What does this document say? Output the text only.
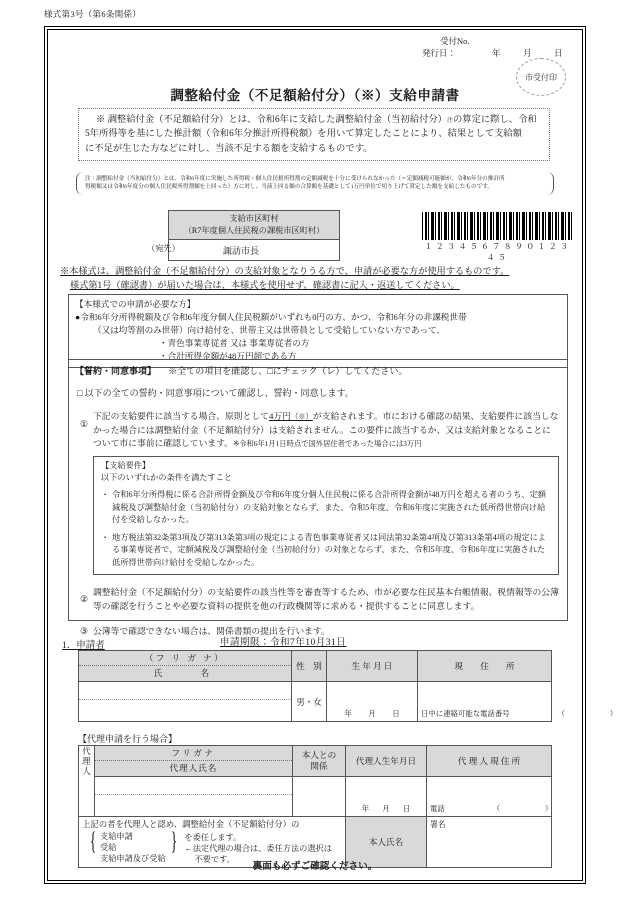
様式第3号（第6条関係）
受付No.
発行日：	年　月　日
市受付印
調整給付金（不足額給付分）（※）支給申請書

※ 調整給付金（不足額給付分）とは、令和6年に支給した調整給付金（当初給付分）注の算定に際し、令和

5年所得等を基にした推計額（令和6年分推計所得税額）を用いて算定したことにより、結果として支給額

に不足が生じた方などに対し、当該不足する額を支給するものです。

注：調整給付金（当初給付分）とは、令和6年度に実施した所得税・個人住民税所得割の定額減税を十分に受けられなかった（＝定額減税可能額が、令和6年分の推計所

得税額又は令和6年度分の個人住民税所得割額を上回った）方に対し、当該上回る額の合算額を基礎として1万円単位で切り上げて算定した額を支給したものです。

支給市区町村
（R7年度個人住民税の課税市区町村）
（宛先）	諏訪市長	１２３４５６７８９０１２３４５
※本様式は、調整給付金（不足額給付分）の支給対象となりうる方で、申請が必要な方が使用するものです。
様式第1号（確認書）が届いた場合は、本様式を使用せず、確認書に記入・返送してください。
【本様式での申請が必要な方】
●令和6年分所得税額及び令和6年度分個人住民税額がいずれも0円の方、かつ、令和6年分の非課税世帯
（又は均等割のみ世帯）向け給付を、世帯主又は世帯員として受給していない方であって、
・青色事業専従者 又は 事業専従者の方
・合計所得金額が48万円超である方
【誓約・同意事項】 ※全ての項目を確認し、□にチェック（レ）してください。
□ 以下の全ての誓約・同意事項について確認し、誓約・同意します。
①
下記の支給要件に該当する場合、原則として4万円（※）が支給されます。市における確認の結果、支給要件に該当しなかった場合には調整給付金（不足額給付分）は支給されません。この要件に該当するか、又は支給対象となることについて市に事前に確認しています。※令和6年1月1日時点で国外居住者であった場合には3万円
【支給要件】
以下のいずれかの条件を満たすこと
・ 令和6年分所得税に係る合計所得金額及び令和6年度分個人住民税に係る合計所得金額が48万円を超える者のうち、定額減税及び調整給付金（当初給付分）の支給対象とならず、また、令和5年度、令和6年度に実施された低所得世帯向け給付を受給しなかった。
・ 地方税法第32条第3項及び第313条第3項の規定による青色事業専従者又は同法第32条第4項及び第313条第4項の規定による事業専従者で、定額減税及び調整給付金（当初給付分）の対象とならず、また、令和5年度、令和6年度に実施された低所得世帯向け給付を受給しなかった。
②
調整給付金（不足額給付分）の支給要件の該当性等を審査等するため、市が必要な住民基本台帳情報、税情報等の公簿等の確認を行うことや必要な資料の提供を他の行政機関等に求める・提供することに同意します。
③ 公簿等で確認できない場合は、関係書類の提出を行います。
1．申請者	申請期限：令和7年10月31日
（フ リ ガ ナ）
氏　　名	性　別	生 年 月 日	現　　住　　所

	男・女	年 月 日	日中に連絡可能な電話番号 （　　）
【代理申請を行う場合】
代
理
人	
フリガナ
代理人氏名

本人との
関係	代理人生年月日	代 理 人 現 住 所

			年 月 日	電話 （　　）

上記の者を代理人と認め、調整給付金（不足額給付分）の
{ 支給申請
受給
支給申請及び受給
} を委任します。
←法定代理の場合は、委任方法の選択は
不要です。
	本人氏名	
署名
裏面も必ずご確認ください。
